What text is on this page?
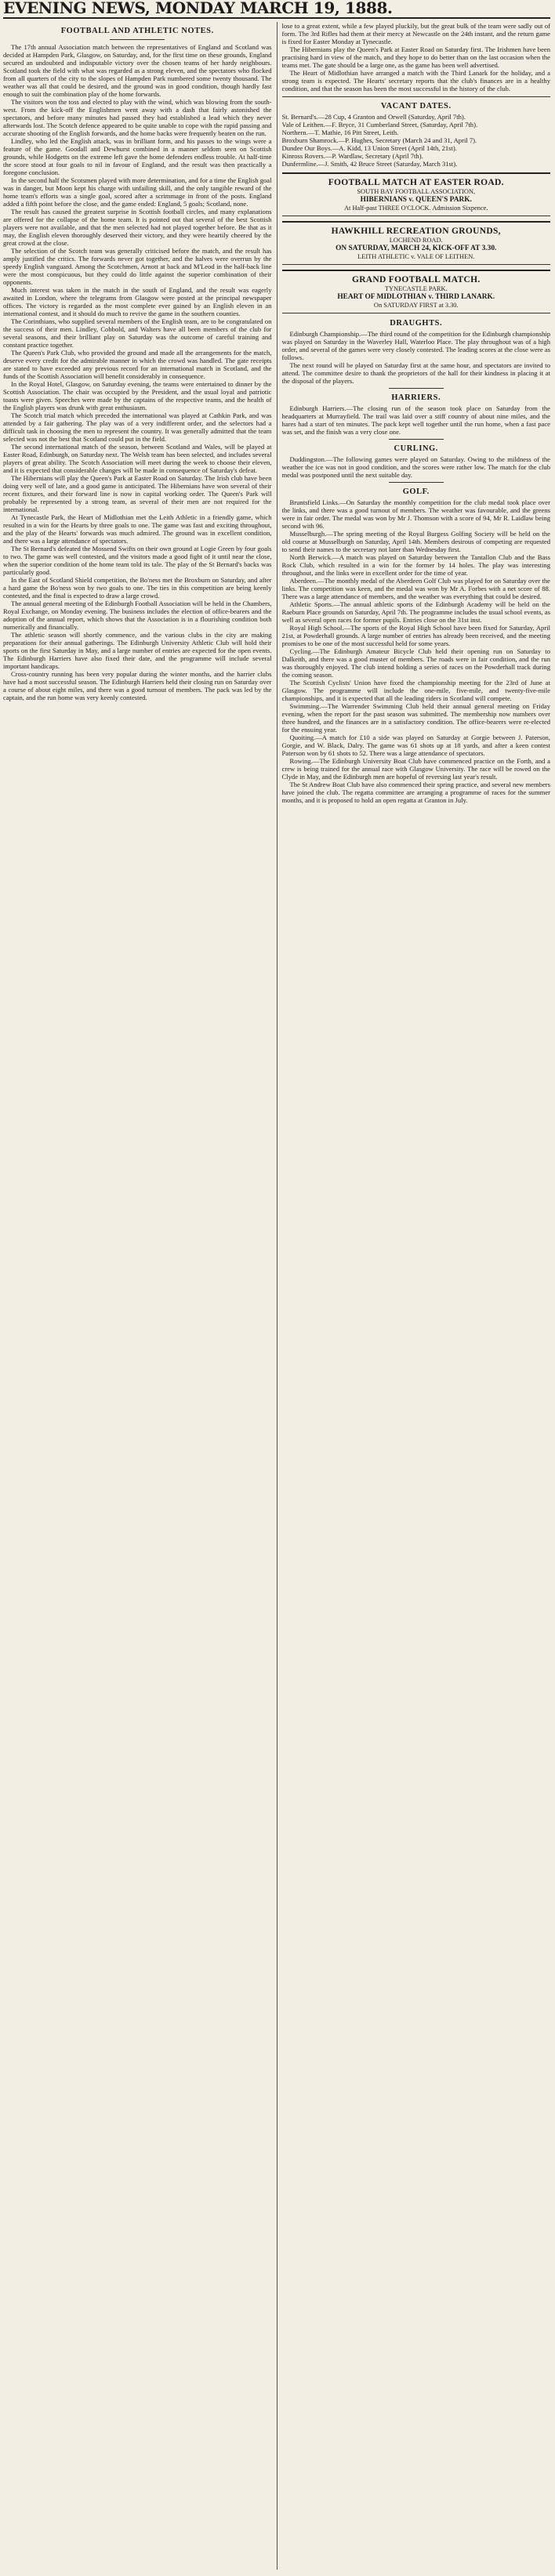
EVENING NEWS, MONDAY MARCH 19, 1888.
FOOTBALL AND ATHLETIC NOTES.

The 17th annual Association match between the representatives of England and Scotland was decided at Hampden Park, Glasgow, on Saturday, and, for the first time on these grounds, England secured an undoubted and indisputable victory over the chosen teams of her hardy neighbours. Scotland took the field with what was regarded as a strong eleven, and the spectators who flocked from all quarters of the city to the slopes of Hampden Park numbered some twenty thousand. The weather was all that could be desired, and the ground was in good condition, though hardly fast enough to suit the combination play of the home forwards.

The visitors won the toss and elected to play with the wind, which was blowing from the south-west. From the kick-off the Englishmen went away with a dash that fairly astonished the spectators, and before many minutes had passed they had established a lead which they never afterwards lost. The Scotch defence appeared to be quite unable to cope with the rapid passing and accurate shooting of the English forwards, and the home backs were frequently beaten on the run.

Lindley, who led the English attack, was in brilliant form, and his passes to the wings were a feature of the game. Goodall and Dewhurst combined in a manner seldom seen on Scottish grounds, while Hodgetts on the extreme left gave the home defenders endless trouble. At half-time the score stood at four goals to nil in favour of England, and the result was then practically a foregone conclusion.

In the second half the Scotsmen played with more determination, and for a time the English goal was in danger, but Moon kept his charge with unfailing skill, and the only tangible reward of the home team's efforts was a single goal, scored after a scrimmage in front of the posts. England added a fifth point before the close, and the game ended: England, 5 goals; Scotland, none.

The result has caused the greatest surprise in Scottish football circles, and many explanations are offered for the collapse of the home team. It is pointed out that several of the best Scottish players were not available, and that the men selected had not played together before. Be that as it may, the English eleven thoroughly deserved their victory, and they were heartily cheered by the great crowd at the close.

The selection of the Scotch team was generally criticised before the match, and the result has amply justified the critics. The forwards never got together, and the halves were overrun by the speedy English vanguard. Among the Scotchmen, Arnott at back and M'Leod in the half-back line were the most conspicuous, but they could do little against the superior combination of their opponents.

Much interest was taken in the match in the south of England, and the result was eagerly awaited in London, where the telegrams from Glasgow were posted at the principal newspaper offices. The victory is regarded as the most complete ever gained by an English eleven in an international contest, and it should do much to revive the game in the southern counties.

The Corinthians, who supplied several members of the English team, are to be congratulated on the success of their men. Lindley, Cobbold, and Walters have all been members of the club for several seasons, and their brilliant play on Saturday was the outcome of careful training and constant practice together.

The Queen's Park Club, who provided the ground and made all the arrangements for the match, deserve every credit for the admirable manner in which the crowd was handled. The gate receipts are stated to have exceeded any previous record for an international match in Scotland, and the funds of the Scottish Association will benefit considerably in consequence.

In the Royal Hotel, Glasgow, on Saturday evening, the teams were entertained to dinner by the Scottish Association. The chair was occupied by the President, and the usual loyal and patriotic toasts were given. Speeches were made by the captains of the respective teams, and the health of the English players was drunk with great enthusiasm.

The Scotch trial match which preceded the international was played at Cathkin Park, and was attended by a fair gathering. The play was of a very indifferent order, and the selectors had a difficult task in choosing the men to represent the country. It was generally admitted that the team selected was not the best that Scotland could put in the field.

The second international match of the season, between Scotland and Wales, will be played at Easter Road, Edinburgh, on Saturday next. The Welsh team has been selected, and includes several players of great ability. The Scotch Association will meet during the week to choose their eleven, and it is expected that considerable changes will be made in consequence of Saturday's defeat.

The Hibernians will play the Queen's Park at Easter Road on Saturday. The Irish club have been doing very well of late, and a good game is anticipated. The Hibernians have won several of their recent fixtures, and their forward line is now in capital working order. The Queen's Park will probably be represented by a strong team, as several of their men are not required for the international.

At Tynecastle Park, the Heart of Midlothian met the Leith Athletic in a friendly game, which resulted in a win for the Hearts by three goals to one. The game was fast and exciting throughout, and the play of the Hearts' forwards was much admired. The ground was in excellent condition, and there was a large attendance of spectators.

The St Bernard's defeated the Mossend Swifts on their own ground at Logie Green by four goals to two. The game was well contested, and the visitors made a good fight of it until near the close, when the superior condition of the home team told its tale. The play of the St Bernard's backs was particularly good.

In the East of Scotland Shield competition, the Bo'ness met the Broxburn on Saturday, and after a hard game the Bo'ness won by two goals to one. The ties in this competition are being keenly contested, and the final is expected to draw a large crowd.

The annual general meeting of the Edinburgh Football Association will be held in the Chambers, Royal Exchange, on Monday evening. The business includes the election of office-bearers and the adoption of the annual report, which shows that the Association is in a flourishing condition both numerically and financially.

The athletic season will shortly commence, and the various clubs in the city are making preparations for their annual gatherings. The Edinburgh University Athletic Club will hold their sports on the first Saturday in May, and a large number of entries are expected for the open events. The Edinburgh Harriers have also fixed their date, and the programme will include several important handicaps.

Cross-country running has been very popular during the winter months, and the harrier clubs have had a most successful season. The Edinburgh Harriers held their closing run on Saturday over a course of about eight miles, and there was a good turnout of members. The pack was led by the captain, and the run home was very keenly contested.

lose to a great extent, while a few played pluckily, but the great bulk of the team were sadly out of form. The 3rd Rifles had them at their mercy at Newcastle on the 24th instant, and the return game is fixed for Easter Monday at Tynecastle.

The Hibernians play the Queen's Park at Easter Road on Saturday first. The Irishmen have been practising hard in view of the match, and they hope to do better than on the last occasion when the teams met. The gate should be a large one, as the game has been well advertised.

The Heart of Midlothian have arranged a match with the Third Lanark for the holiday, and a strong team is expected. The Hearts' secretary reports that the club's finances are in a healthy condition, and that the season has been the most successful in the history of the club.

VACANT DATES.

St. Bernard's.—28 Cup, 4 Granton and Orwell (Saturday, April 7th).

Vale of Leithen.—F. Bryce, 31 Cumberland Street, (Saturday, April 7th).

Northern.—T. Mathie, 16 Pitt Street, Leith.

Broxburn Shamrock.—P. Hughes, Secretary (March 24 and 31, April 7).

Dundee Our Boys.—A. Kidd, 13 Union Street (April 14th, 21st).

Kinross Rovers.—P. Wardlaw, Secretary (April 7th).

Dunfermline.—J. Smith, 42 Bruce Street (Saturday, March 31st).

FOOTBALL MATCH AT EASTER ROAD.
SOUTH BAY FOOTBALL ASSOCIATION,
HIBERNIANS v. QUEEN'S PARK.
At Half-past THREE O'CLOCK. Admission Sixpence.
HAWKHILL RECREATION GROUNDS,
LOCHEND ROAD.
ON SATURDAY, MARCH 24, KICK-OFF AT 3.30.
LEITH ATHLETIC v. VALE OF LEITHEN.
GRAND FOOTBALL MATCH.
TYNECASTLE PARK.
HEART OF MIDLOTHIAN v. THIRD LANARK.
On SATURDAY FIRST at 3.30.
DRAUGHTS.

Edinburgh Championship.—The third round of the competition for the Edinburgh championship was played on Saturday in the Waverley Hall, Waterloo Place. The play throughout was of a high order, and several of the games were very closely contested. The leading scores at the close were as follows.

The next round will be played on Saturday first at the same hour, and spectators are invited to attend. The committee desire to thank the proprietors of the hall for their kindness in placing it at the disposal of the players.

HARRIERS.

Edinburgh Harriers.—The closing run of the season took place on Saturday from the headquarters at Murrayfield. The trail was laid over a stiff country of about nine miles, and the hares had a start of ten minutes. The pack kept well together until the run home, when a fast pace was set, and the finish was a very close one.

CURLING.

Duddingston.—The following games were played on Saturday. Owing to the mildness of the weather the ice was not in good condition, and the scores were rather low. The match for the club medal was postponed until the next suitable day.

GOLF.

Bruntsfield Links.—On Saturday the monthly competition for the club medal took place over the links, and there was a good turnout of members. The weather was favourable, and the greens were in fair order. The medal was won by Mr J. Thomson with a score of 94, Mr R. Laidlaw being second with 96.

Musselburgh.—The spring meeting of the Royal Burgess Golfing Society will be held on the old course at Musselburgh on Saturday, April 14th. Members desirous of competing are requested to send their names to the secretary not later than Wednesday first.

North Berwick.—A match was played on Saturday between the Tantallon Club and the Bass Rock Club, which resulted in a win for the former by 14 holes. The play was interesting throughout, and the links were in excellent order for the time of year.

Aberdeen.—The monthly medal of the Aberdeen Golf Club was played for on Saturday over the links. The competition was keen, and the medal was won by Mr A. Forbes with a net score of 88. There was a large attendance of members, and the weather was everything that could be desired.

Athletic Sports.—The annual athletic sports of the Edinburgh Academy will be held on the Raeburn Place grounds on Saturday, April 7th. The programme includes the usual school events, as well as several open races for former pupils. Entries close on the 31st inst.

Royal High School.—The sports of the Royal High School have been fixed for Saturday, April 21st, at Powderhall grounds. A large number of entries has already been received, and the meeting promises to be one of the most successful held for some years.

Cycling.—The Edinburgh Amateur Bicycle Club held their opening run on Saturday to Dalkeith, and there was a good muster of members. The roads were in fair condition, and the run was thoroughly enjoyed. The club intend holding a series of races on the Powderhall track during the coming season.

The Scottish Cyclists' Union have fixed the championship meeting for the 23rd of June at Glasgow. The programme will include the one-mile, five-mile, and twenty-five-mile championships, and it is expected that all the leading riders in Scotland will compete.

Swimming.—The Warrender Swimming Club held their annual general meeting on Friday evening, when the report for the past season was submitted. The membership now numbers over three hundred, and the finances are in a satisfactory condition. The office-bearers were re-elected for the ensuing year.

Quoiting.—A match for £10 a side was played on Saturday at Gorgie between J. Paterson, Gorgie, and W. Black, Dalry. The game was 61 shots up at 18 yards, and after a keen contest Paterson won by 61 shots to 52. There was a large attendance of spectators.

Rowing.—The Edinburgh University Boat Club have commenced practice on the Forth, and a crew is being trained for the annual race with Glasgow University. The race will be rowed on the Clyde in May, and the Edinburgh men are hopeful of reversing last year's result.

The St Andrew Boat Club have also commenced their spring practice, and several new members have joined the club. The regatta committee are arranging a programme of races for the summer months, and it is proposed to hold an open regatta at Granton in July.
